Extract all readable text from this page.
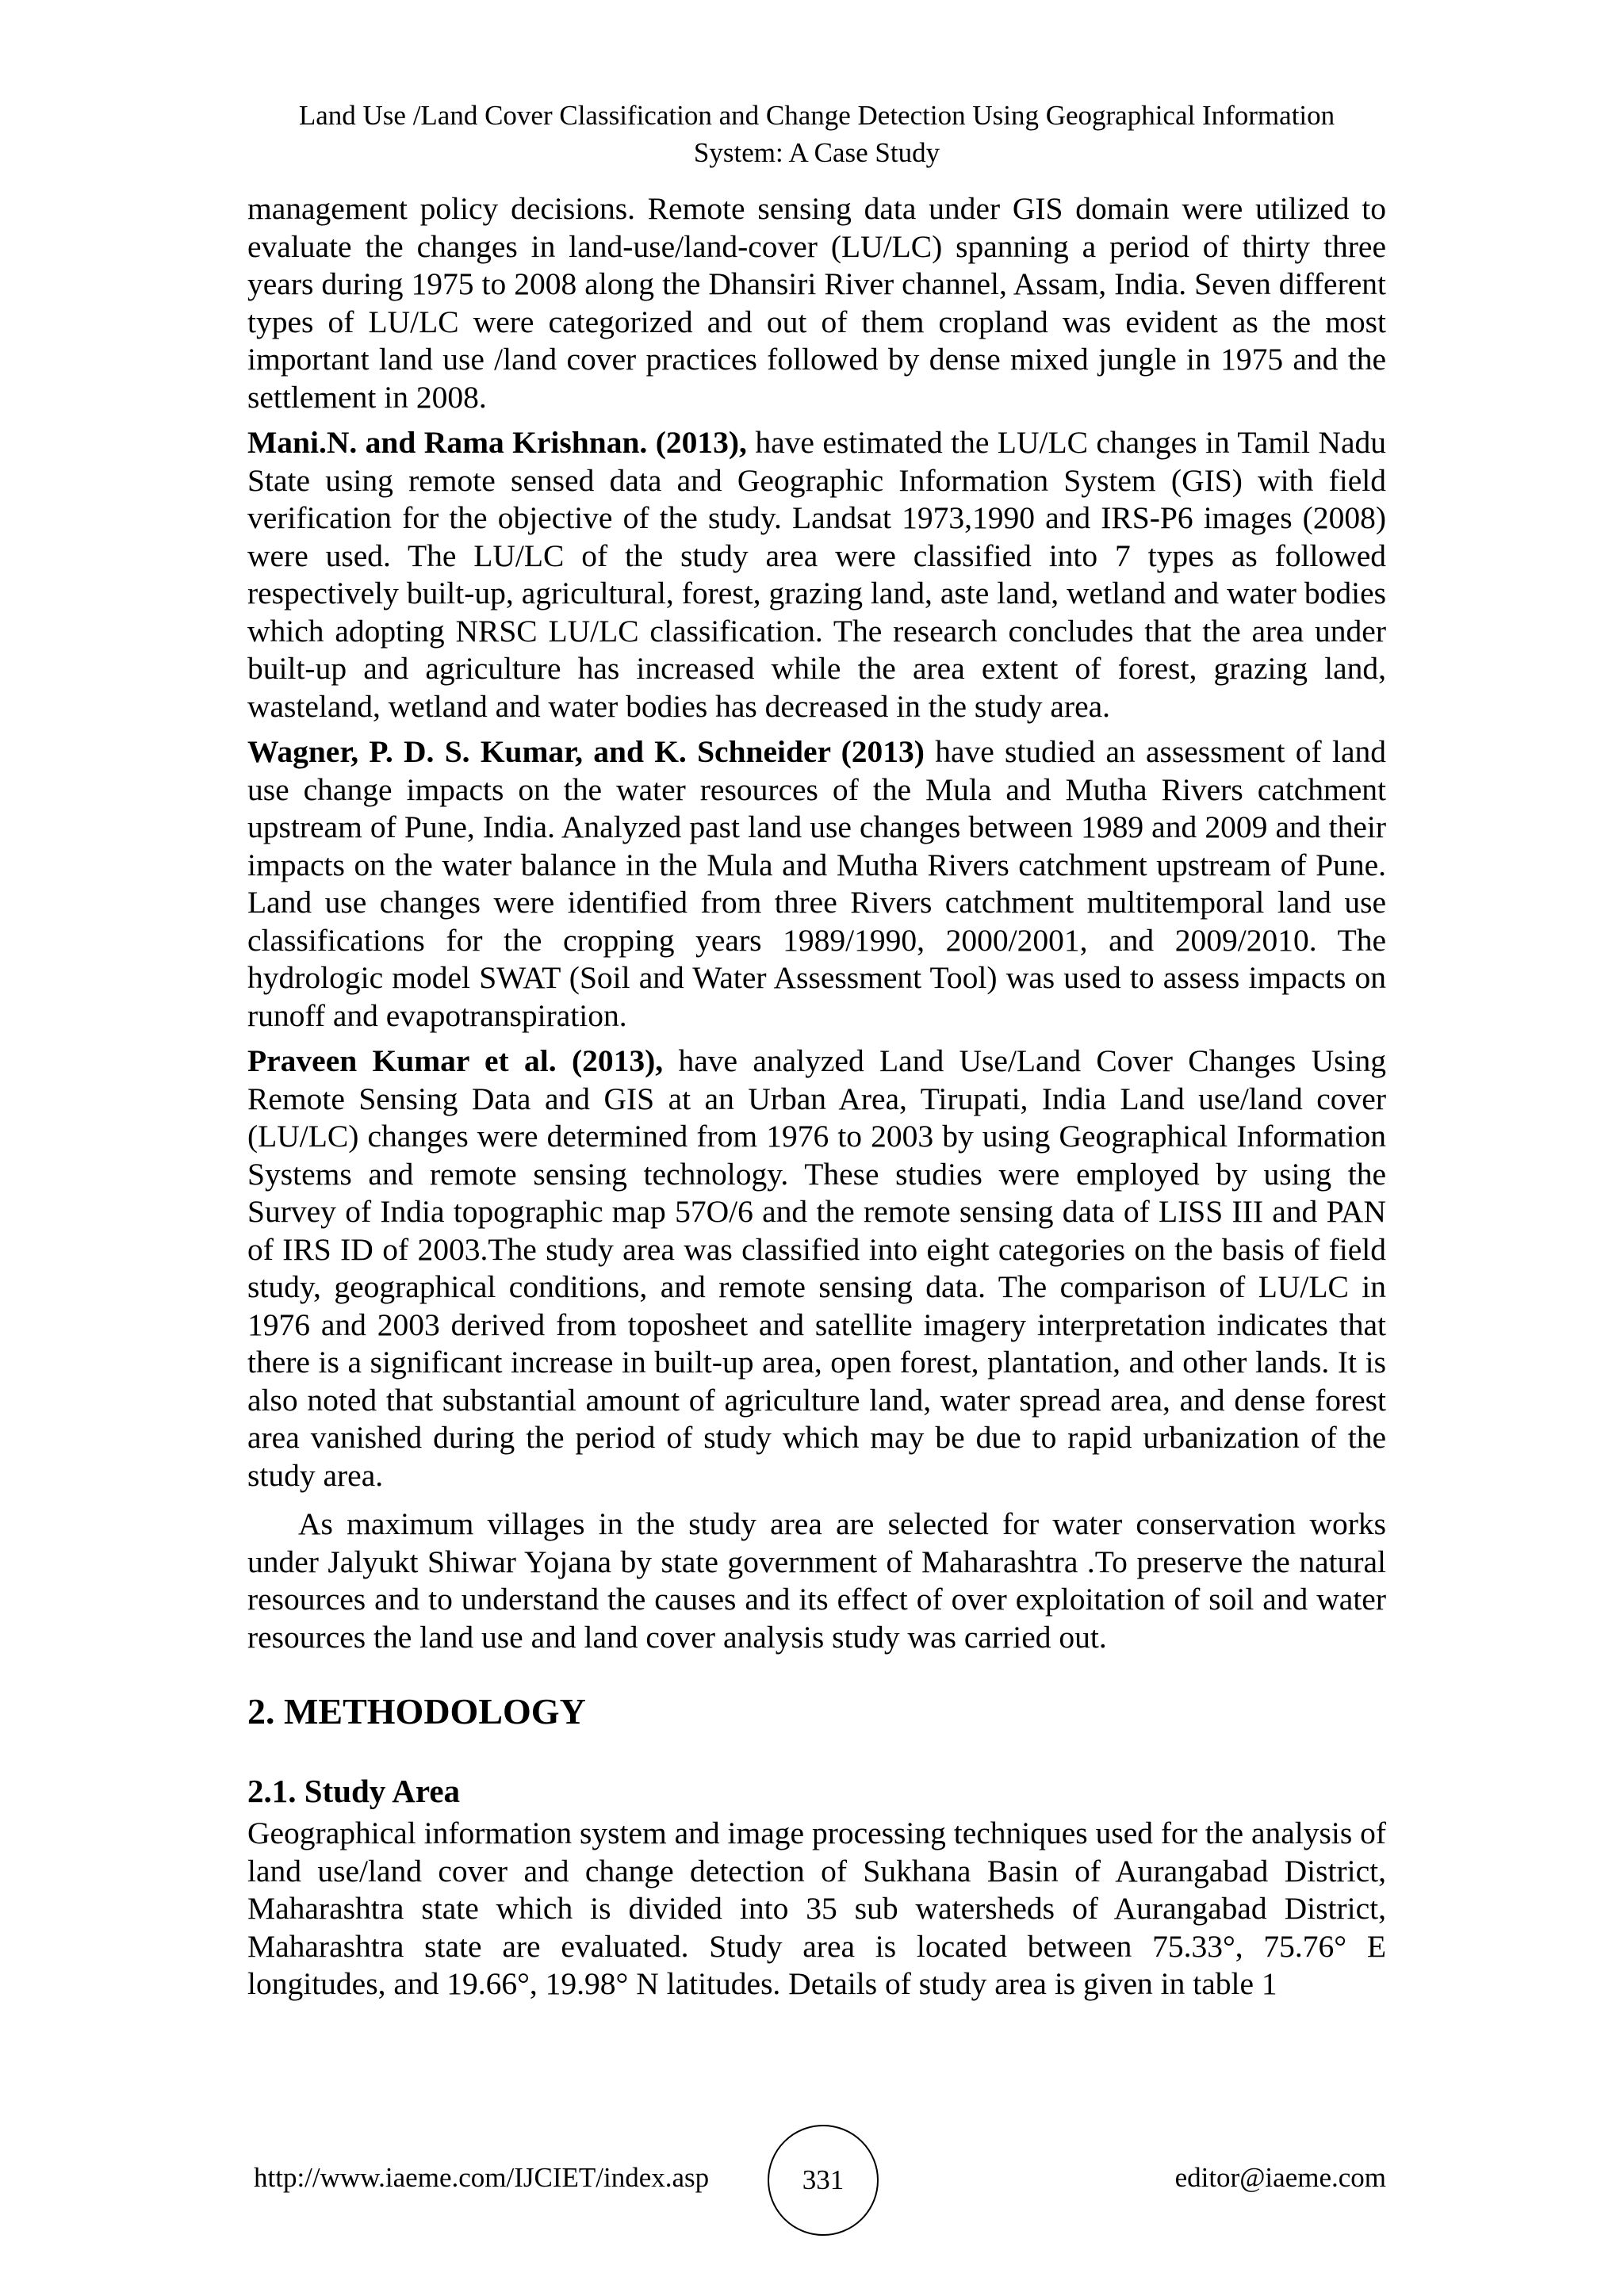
Land Use /Land Cover Classification and Change Detection Using Geographical Information
System: A Case Study

management policy decisions. Remote sensing data under GIS domain were utilized to evaluate the changes in land-use/land-cover (LU/LC) spanning a period of thirty three years during 1975 to 2008 along the Dhansiri River channel, Assam, India. Seven different types of LU/LC were categorized and out of them cropland was evident as the most important land use /land cover practices followed by dense mixed jungle in 1975 and the settlement in 2008.

Mani.N. and Rama Krishnan. (2013), have estimated the LU/LC changes in Tamil Nadu State using remote sensed data and Geographic Information System (GIS) with field verification for the objective of the study. Landsat 1973,1990 and IRS-P6 images (2008) were used. The LU/LC of the study area were classified into 7 types as followed respectively built-up, agricultural, forest, grazing land, aste land, wetland and water bodies which adopting NRSC LU/LC classification. The research concludes that the area under built-up and agriculture has increased while the area extent of forest, grazing land, wasteland, wetland and water bodies has decreased in the study area.

Wagner, P. D. S. Kumar, and K. Schneider (2013) have studied an assessment of land use change impacts on the water resources of the Mula and Mutha Rivers catchment upstream of Pune, India. Analyzed past land use changes between 1989 and 2009 and their impacts on the water balance in the Mula and Mutha Rivers catchment upstream of Pune. Land use changes were identified from three Rivers catchment multitemporal land use classifications for the cropping years 1989/1990, 2000/2001, and 2009/2010. The hydrologic model SWAT (Soil and Water Assessment Tool) was used to assess impacts on runoff and evapotranspiration.

Praveen Kumar et al. (2013), have analyzed Land Use/Land Cover Changes Using Remote Sensing Data and GIS at an Urban Area, Tirupati, India Land use/land cover (LU/LC) changes were determined from 1976 to 2003 by using Geographical Information Systems and remote sensing technology. These studies were employed by using the Survey of India topographic map 57O/6 and the remote sensing data of LISS III and PAN of IRS ID of 2003.The study area was classified into eight categories on the basis of field study, geographical conditions, and remote sensing data. The comparison of LU/LC in 1976 and 2003 derived from toposheet and satellite imagery interpretation indicates that there is a significant increase in built-up area, open forest, plantation, and other lands. It is also noted that substantial amount of agriculture land, water spread area, and dense forest area vanished during the period of study which may be due to rapid urbanization of the study area.

As maximum villages in the study area are selected for water conservation works under Jalyukt Shiwar Yojana by state government of Maharashtra .To preserve the natural resources and to understand the causes and its effect of over exploitation of soil and water resources the land use and land cover analysis study was carried out.

2. METHODOLOGY
2.1. Study Area

Geographical information system and image processing techniques used for the analysis of land use/land cover and change detection of Sukhana Basin of Aurangabad District, Maharashtra state which is divided into 35 sub watersheds of Aurangabad District, Maharashtra state are evaluated. Study area is located between 75.33°, 75.76° E longitudes, and 19.66°, 19.98° N latitudes. Details of study area is given in table 1

http://www.iaeme.com/IJCIET/index.asp	331	editor@iaeme.com
